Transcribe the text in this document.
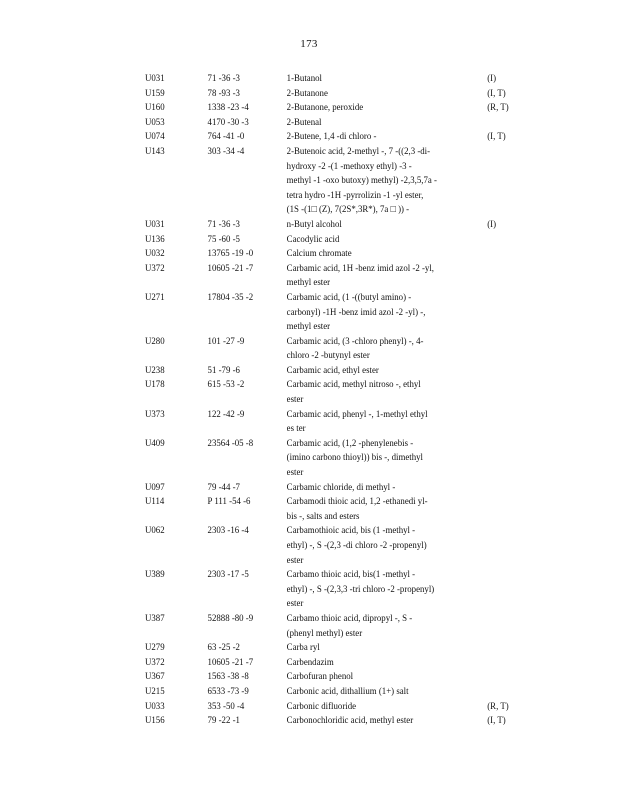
173
U031	71 -36 -3	1-Butanol	(I)
U159	78 -93 -3	2-Butanone	(I, T)
U160	1338 -23 -4	2-Butanone, peroxide	(R, T)
U053	4170 -30 -3	2-Butenal
U074	764 -41 -0	2-Butene, 1,4 -di chloro -	(I, T)
U143	303 -34 -4	2-Butenoic acid, 2-methyl -, 7 -((2,3 -di-
hydroxy -2 -(1 -methoxy ethyl) -3 -
methyl -1 -oxo butoxy) methyl) -2,3,5,7a -
tetra hydro -1H -pyrrolizin -1 -yl ester,
(1S -(1□ (Z), 7(2S*,3R*), 7a □ )) -
U031	71 -36 -3	n-Butyl alcohol	(I)
U136	75 -60 -5	Cacodylic acid
U032	13765 -19 -0	Calcium chromate
U372	10605 -21 -7	Carbamic acid, 1H -benz imid azol -2 -yl,
methyl ester
U271	17804 -35 -2	Carbamic acid, (1 -((butyl amino) -
carbonyl) -1H -benz imid azol -2 -yl) -,
methyl ester
U280	101 -27 -9	Carbamic acid, (3 -chloro phenyl) -, 4-
chloro -2 -butynyl ester
U238	51 -79 -6	Carbamic acid, ethyl ester
U178	615 -53 -2	Carbamic acid, methyl nitroso -, ethyl
ester
U373	122 -42 -9	Carbamic acid, phenyl -, 1-methyl ethyl
es ter
U409	23564 -05 -8	Carbamic acid, (1,2 -phenylenebis -
(imino carbono thioyl)) bis -, dimethyl
ester
U097	79 -44 -7	Carbamic chloride, di methyl -
U114	P 111 -54 -6	Carbamodi thioic acid, 1,2 -ethanedi yl-
bis -, salts and esters
U062	2303 -16 -4	Carbamothioic acid, bis (1 -methyl -
ethyl) -, S -(2,3 -di chloro -2 -propenyl)
ester
U389	2303 -17 -5	Carbamo thioic acid, bis(1 -methyl -
ethyl) -, S -(2,3,3 -tri chloro -2 -propenyl)
ester
U387	52888 -80 -9	Carbamo thioic acid, dipropyl -, S -
(phenyl methyl) ester
U279	63 -25 -2	Carba ryl
U372	10605 -21 -7	Carbendazim
U367	1563 -38 -8	Carbofuran phenol
U215	6533 -73 -9	Carbonic acid, dithallium (1+) salt
U033	353 -50 -4	Carbonic difluoride	(R, T)
U156	79 -22 -1	Carbonochloridic acid, methyl ester	(I, T)
